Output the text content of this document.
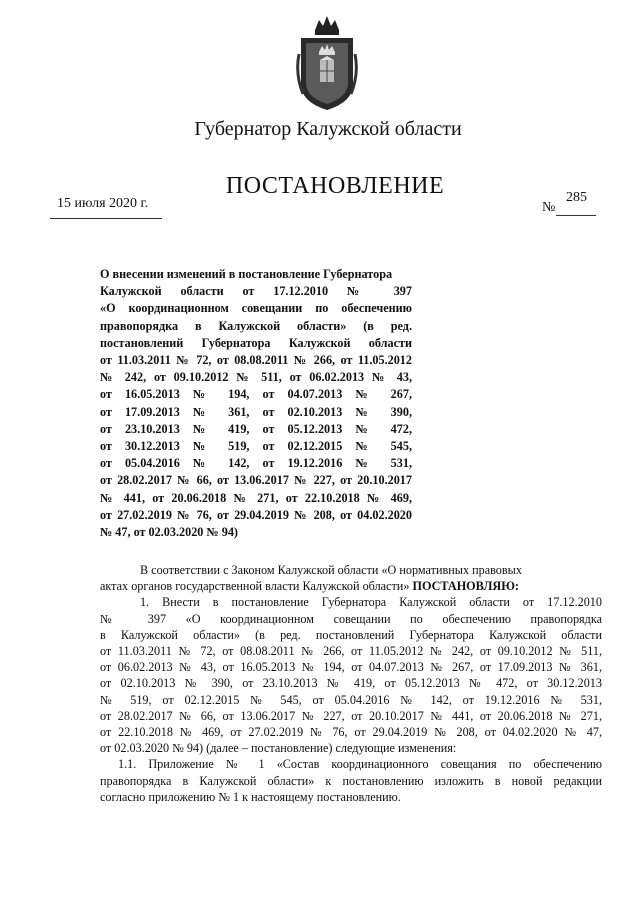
Губернатор Калужской области
ПОСТАНОВЛЕНИЕ
15 июля 2020 г.	№
285
О внесении изменений в постановление Губернатора
Калужской области от 17.12.2010 № 397
«О координационном совещании по обеспечению
правопорядка в Калужской области» (в ред.
постановлений Губернатора Калужской области
от 11.03.2011 № 72, от 08.08.2011 № 266, от 11.05.2012
№ 242, от 09.10.2012 № 511, от 06.02.2013 № 43,
от 16.05.2013 № 194, от 04.07.2013 № 267,
от 17.09.2013 № 361, от 02.10.2013 № 390,
от 23.10.2013 № 419, от 05.12.2013 № 472,
от 30.12.2013 № 519, от 02.12.2015 № 545,
от 05.04.2016 № 142, от 19.12.2016 № 531,
от 28.02.2017 № 66, от 13.06.2017 № 227, от 20.10.2017
№ 441, от 20.06.2018 № 271, от 22.10.2018 № 469,
от 27.02.2019 № 76, от 29.04.2019 № 208, от 04.02.2020
№ 47, от 02.03.2020 № 94)
В соответствии с Законом Калужской области «О нормативных правовых
актах органов государственной власти Калужской области» ПОСТАНОВЛЯЮ:
1. Внести в постановление Губернатора Калужской области от 17.12.2010
№ 397 «О координационном совещании по обеспечению правопорядка
в Калужской области» (в ред. постановлений Губернатора Калужской области
от 11.03.2011 № 72, от 08.08.2011 № 266, от 11.05.2012 № 242, от 09.10.2012 № 511,
от 06.02.2013 № 43, от 16.05.2013 № 194, от 04.07.2013 № 267, от 17.09.2013 № 361,
от 02.10.2013 № 390, от 23.10.2013 № 419, от 05.12.2013 № 472, от 30.12.2013
№ 519, от 02.12.2015 № 545, от 05.04.2016 № 142, от 19.12.2016 № 531,
от 28.02.2017 № 66, от 13.06.2017 № 227, от 20.10.2017 № 441, от 20.06.2018 № 271,
от 22.10.2018 № 469, от 27.02.2019 № 76, от 29.04.2019 № 208, от 04.02.2020 № 47,
от 02.03.2020 № 94) (далее – постановление) следующие изменения:
1.1. Приложение № 1 «Состав координационного совещания по обеспечению
правопорядка в Калужской области» к постановлению изложить в новой редакции
согласно приложению № 1 к настоящему постановлению.
